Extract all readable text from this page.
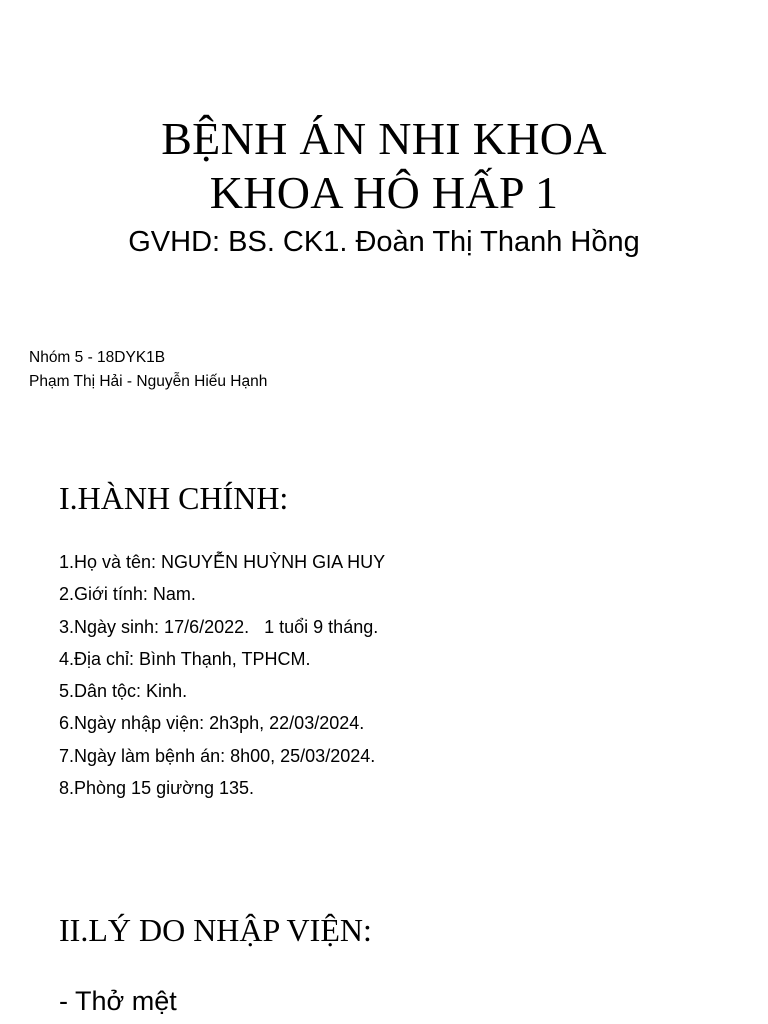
BỆNH ÁN NHI KHOA
KHOA HÔ HẤP 1
GVHD: BS. CK1. Đoàn Thị Thanh Hồng
Nhóm 5 - 18DYK1B
Phạm Thị Hải - Nguyễn Hiếu Hạnh
I.HÀNH CHÍNH:
1.Họ và tên: NGUYỄN HUỲNH GIA HUY
2.Giới tính: Nam.
3.Ngày sinh: 17/6/2022.   1 tuổi 9 tháng.
4.Địa chỉ: Bình Thạnh, TPHCM.
5.Dân tộc: Kinh.
6.Ngày nhập viện: 2h3ph, 22/03/2024.
7.Ngày làm bệnh án: 8h00, 25/03/2024.
8.Phòng 15 giường 135.
II.LÝ DO NHẬP VIỆN:
- Thở mệt
